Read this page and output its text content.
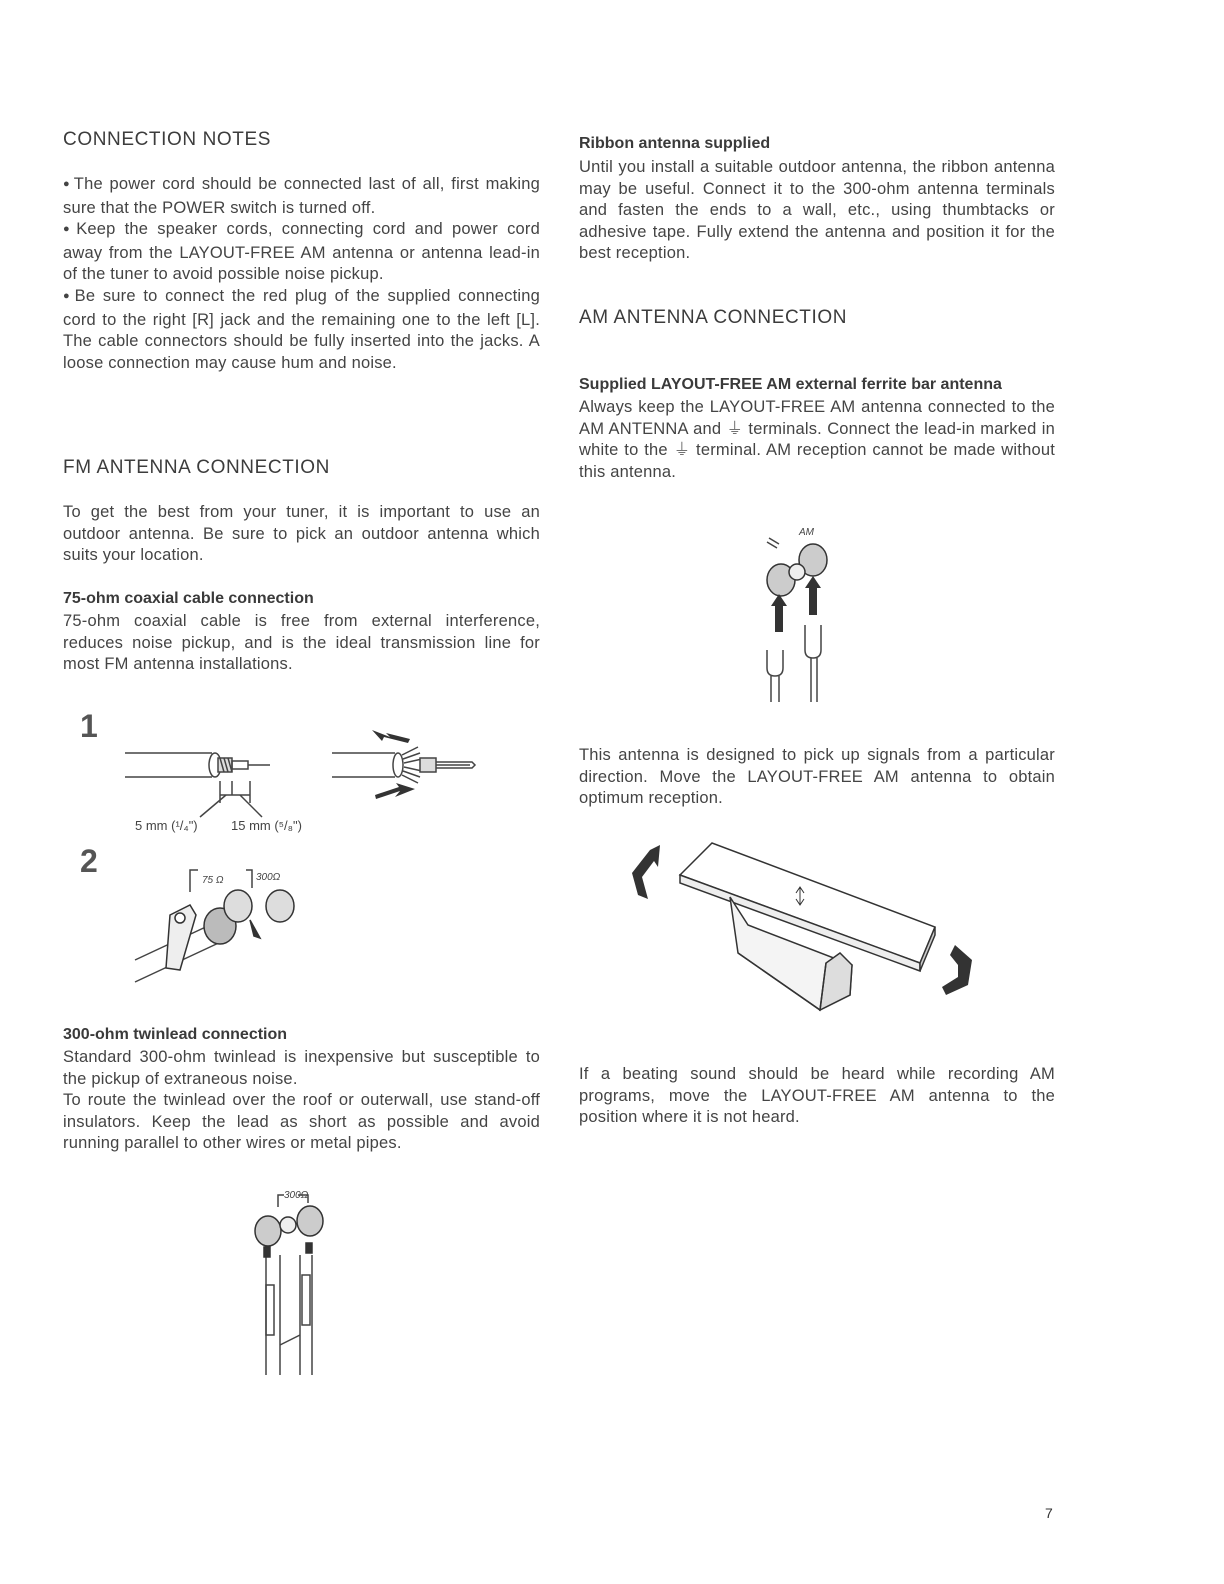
CONNECTION NOTES

● The power cord should be connected last of all, first making sure that the POWER switch is turned off.

● Keep the speaker cords, connecting cord and power cord away from the LAYOUT-FREE AM antenna or antenna lead-in of the tuner to avoid possible noise pickup.

● Be sure to connect the red plug of the supplied connecting cord to the right [R] jack and the remaining one to the left [L]. The cable connectors should be fully inserted into the jacks. A loose connection may cause hum and noise.

FM ANTENNA CONNECTION

To get the best from your tuner, it is important to use an outdoor antenna. Be sure to pick an outdoor antenna which suits your location.

75-ohm coaxial cable connection

75-ohm coaxial cable is free from external interference, reduces noise pickup, and is the ideal transmission line for most FM antenna installations.

1
5 mm (¹/₄")	15 mm (⁵/₈")
2
75 Ω	300Ω

300-ohm twinlead connection

Standard 300-ohm twinlead is inexpensive but susceptible to the pickup of extraneous noise.

To route the twinlead over the roof or outerwall, use stand-off insulators. Keep the lead as short as possible and avoid running parallel to other wires or metal pipes.

300Ω

Ribbon antenna supplied

Until you install a suitable outdoor antenna, the ribbon antenna may be useful. Connect it to the 300-ohm antenna terminals and fasten the ends to a wall, etc., using thumbtacks or adhesive tape. Fully extend the antenna and position it for the best reception.

AM ANTENNA CONNECTION

Supplied LAYOUT-FREE AM external ferrite bar antenna

Always keep the LAYOUT-FREE AM antenna connected to the AM ANTENNA and ⏚ terminals. Connect the lead-in marked in white to the ⏚ terminal. AM reception cannot be made without this antenna.

AM

This antenna is designed to pick up signals from a particular direction. Move the LAYOUT-FREE AM antenna to obtain optimum reception.

If a beating sound should be heard while recording AM programs, move the LAYOUT-FREE AM antenna to the position where it is not heard.

7
